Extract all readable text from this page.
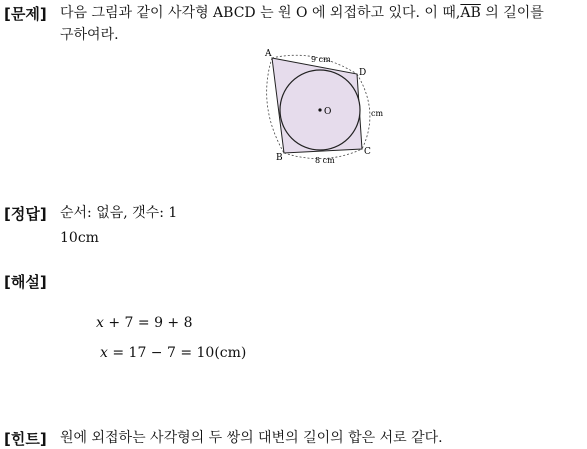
[문제] 다음 그림과 같이 사각형 ABCD 는 원 O 에 외접하고 있다. 이 때$,\overline{AB}$ 의 길이를
구하여라.
A
D
C
B
O
9 cm
cm
8 cm
[정답] 순서: 없음, 갯수: 1
10cm
[해설]
x + 7 = 9 + 8
x = 17 − 7 = 10(cm)
[힌트] 원에 외접하는 사각형의 두 쌍의 대변의 길이의 합은 서로 같다.
